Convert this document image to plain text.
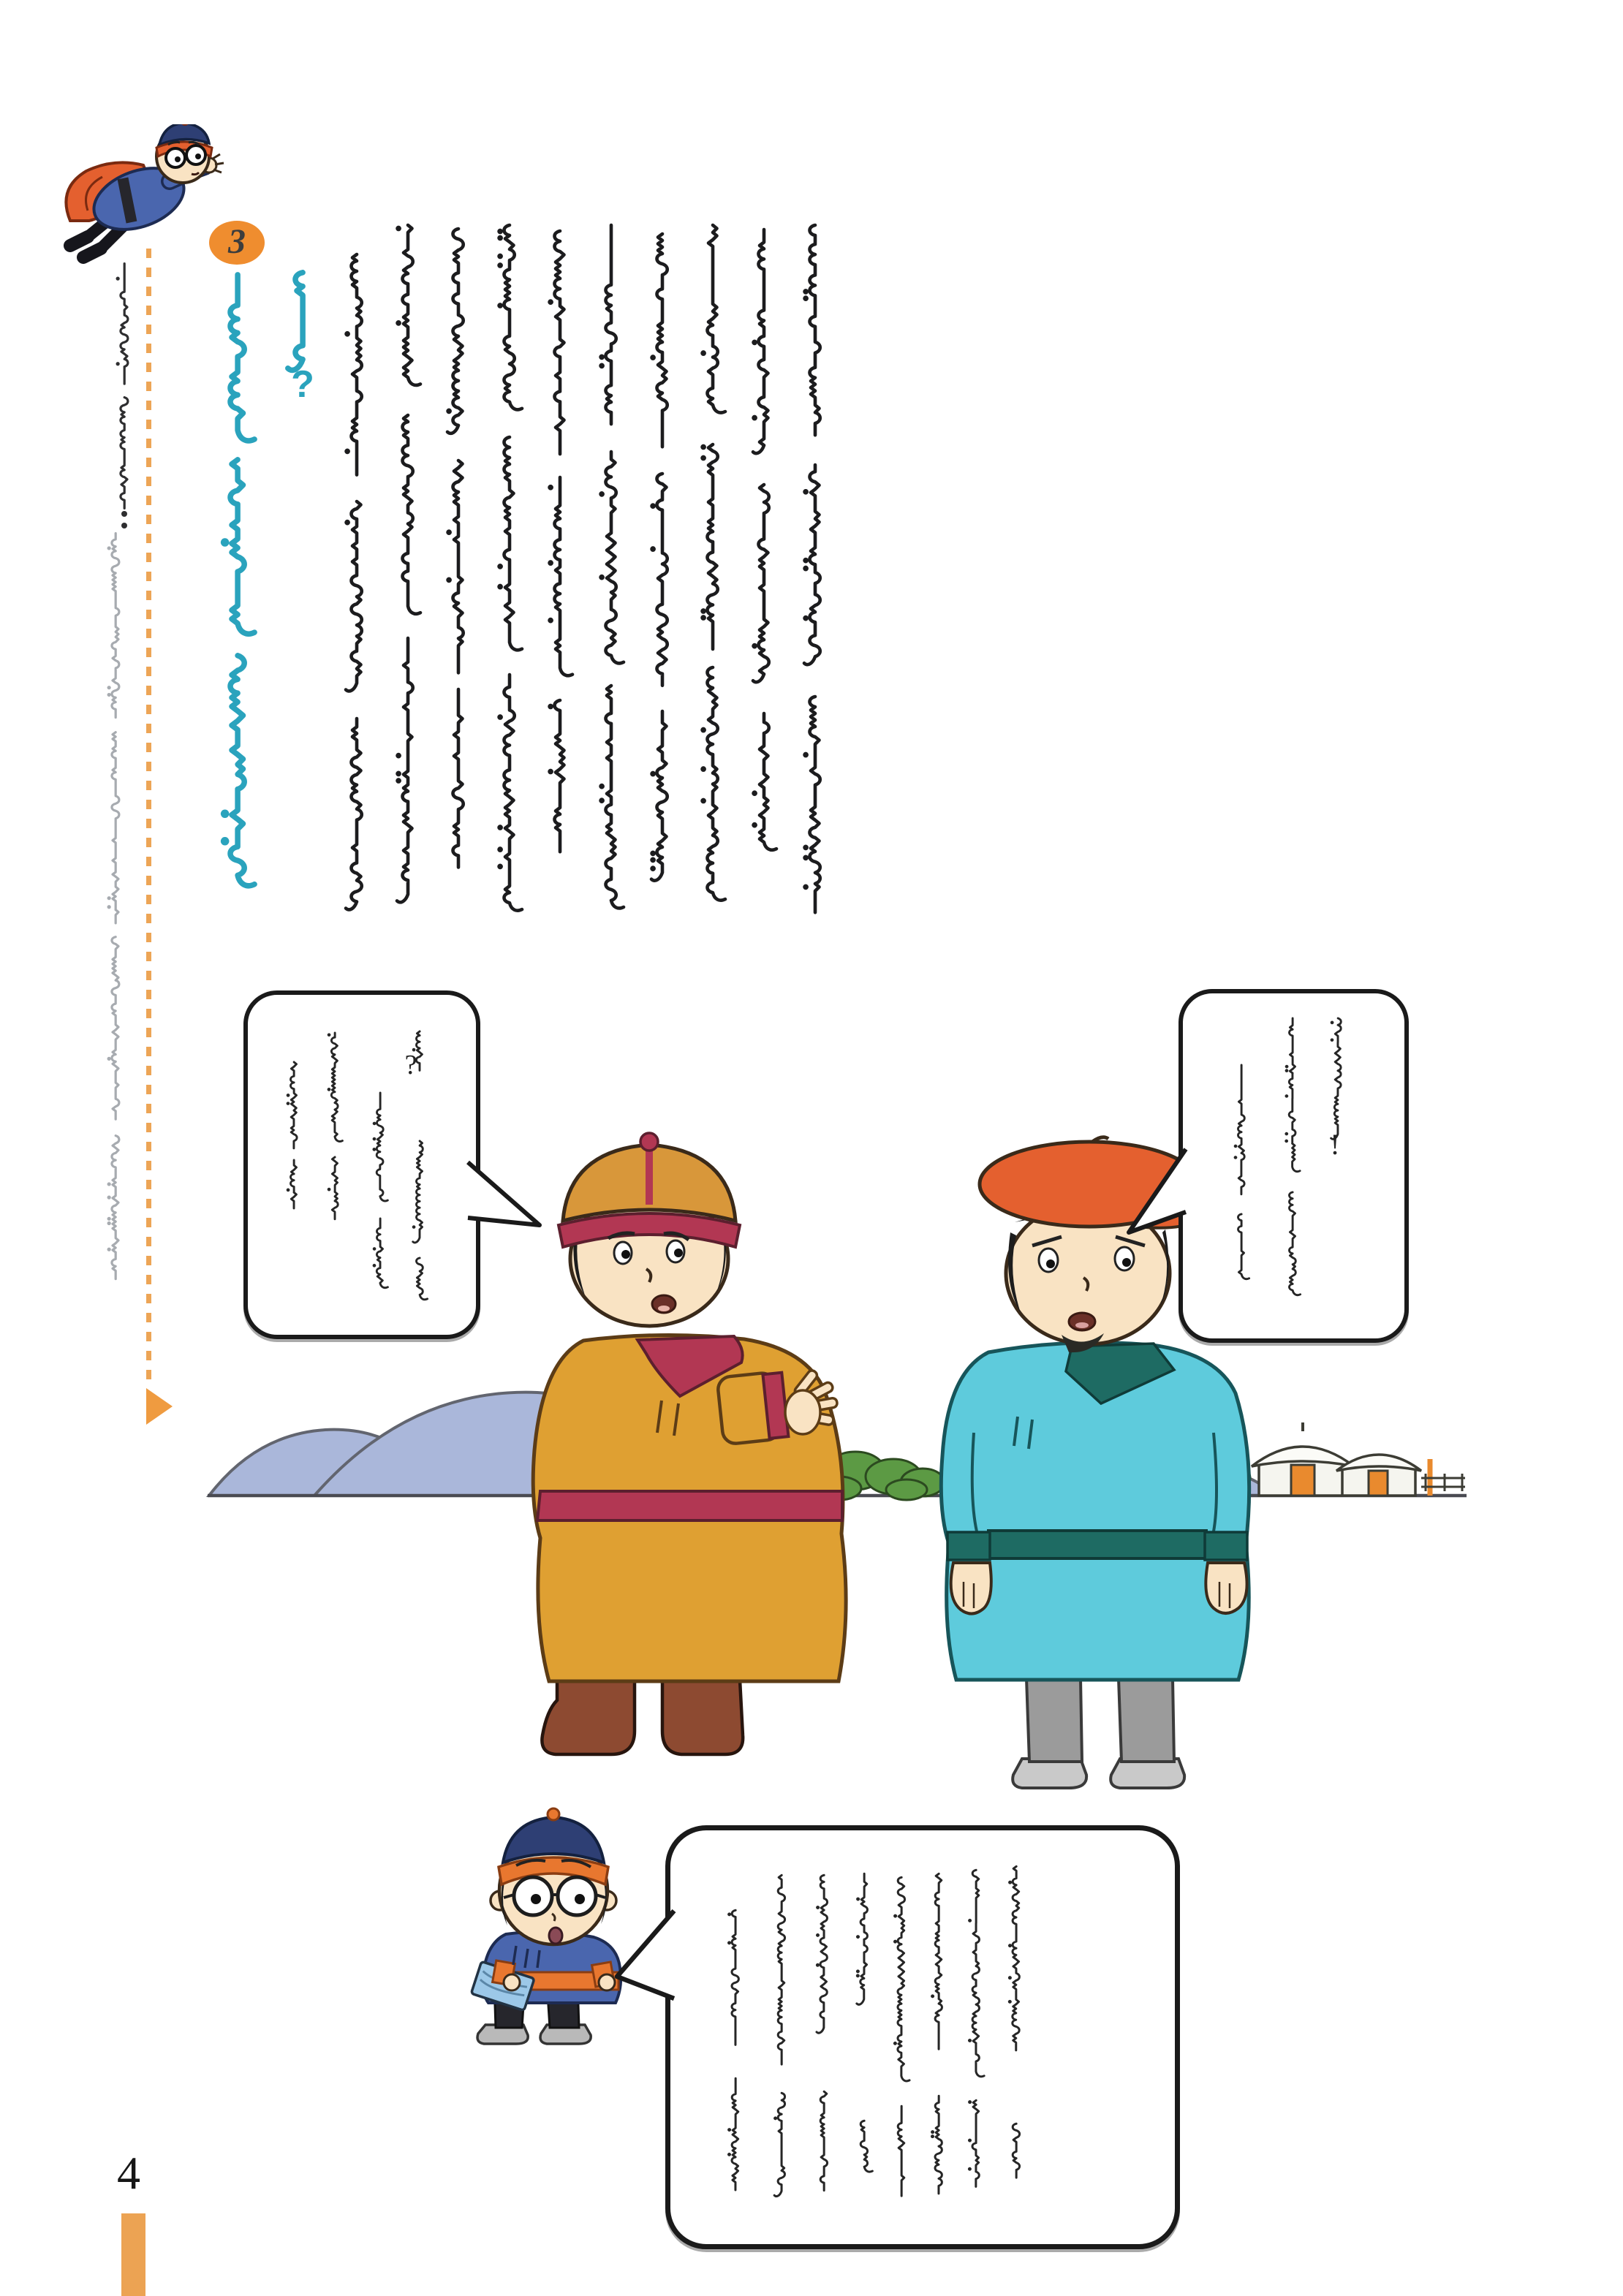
3
?
?
!
4
